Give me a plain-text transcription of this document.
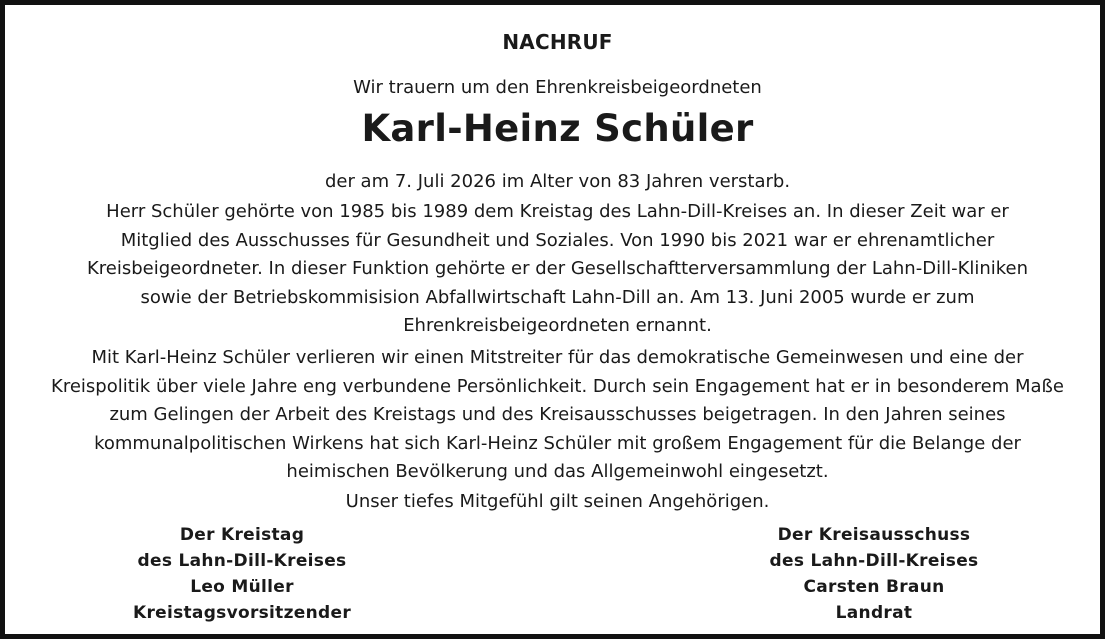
NACHRUF
Wir trauern um den Ehrenkreisbeigeordneten
Karl-Heinz Schüler
der am 7. Juli 2026 im Alter von 83 Jahren verstarb.
Herr Schüler gehörte von 1985 bis 1989 dem Kreistag des Lahn-Dill-Kreises an. In dieser Zeit war er
Mitglied des Ausschusses für Gesundheit und Soziales. Von 1990 bis 2021 war er ehrenamtlicher
Kreisbeigeordneter. In dieser Funktion gehörte er der Gesellschaftterversammlung der Lahn-Dill-Kliniken
sowie der Betriebskommisision Abfallwirtschaft Lahn-Dill an. Am 13. Juni 2005 wurde er zum
Ehrenkreisbeigeordneten ernannt.
Mit Karl-Heinz Schüler verlieren wir einen Mitstreiter für das demokratische Gemeinwesen und eine der
Kreispolitik über viele Jahre eng verbundene Persönlichkeit. Durch sein Engagement hat er in besonderem Maße
zum Gelingen der Arbeit des Kreistags und des Kreisausschusses beigetragen. In den Jahren seines
kommunalpolitischen Wirkens hat sich Karl-Heinz Schüler mit großem Engagement für die Belange der
heimischen Bevölkerung und das Allgemeinwohl eingesetzt.
Unser tiefes Mitgefühl gilt seinen Angehörigen.
Der Kreistag
des Lahn-Dill-Kreises
Leo Müller
Kreistagsvorsitzender
Der Kreisausschuss
des Lahn-Dill-Kreises
Carsten Braun
Landrat
